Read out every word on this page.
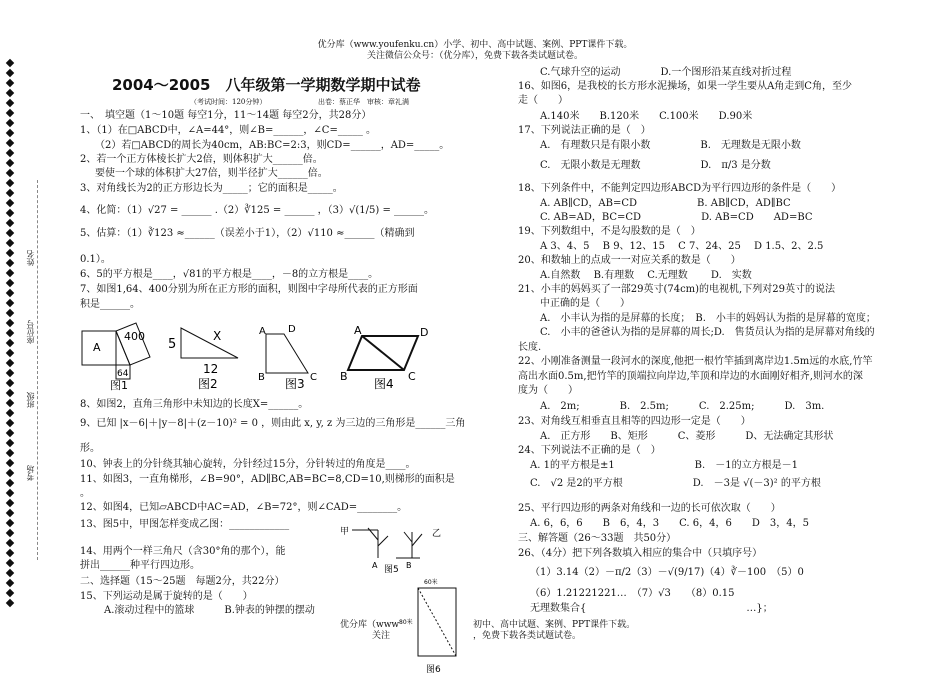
优分库（www.youfenku.cn）小学、初中、高中试题、案例、PPT课件下载。
关注微信公众号：（优分库），免费下载各类试题试卷。
姓名
座位号
班级
考场
2004～2005　八年级第一学期数学期中试卷
（考试时间：120分钟）	出卷：蔡正华　审核：章礼满
一、　填空题（1～10题 每空1分，11～14题 每空2分，共28分）
1、（1）在□ABCD中，∠A=44°，则∠B=______，∠C=_____ 。
（2）若□ABCD的周长为40cm，AB:BC=2:3，则CD=______，AD=_____。
2、若一个正方体棱长扩大2倍，则体积扩大______倍。
要使一个球的体积扩大27倍，则半径扩大______倍。
3、对角线长为2的正方形边长为_____；它的面积是_____。
4、化简：（1）√27 = ______ .（2）∛125 = ______ ，（3）√(1/5) = ______。
5、估算：（1）∛123 ≈______（误差小于1），（2）√110 ≈______（精确到
0.1）。
6、5的平方根是____，√81的平方根是____，－8的立方根是____。
7、如图1,64、400分别为所在正方形的面积，则图中字母所代表的正方形面
积是______。
A
400
64
图1
5
X
12
图2
A D
B	C
图3
A	D
B	C
图4
8、如图2，直角三角形中未知边的长度X=______。
9、已知 |x－6|＋|y－8|＋(z－10)² = 0 ，则由此 x, y, z 为三边的三角形是______三角
形。
10、钟表上的分针绕其轴心旋转，分针经过15分，分针转过的角度是____。
11、如图3，一直角梯形，∠B=90°，AD∥BC,AB=BC=8,CD=10,则梯形的面积是
。
12、如图4，已知▱ABCD中AC=AD，∠B=72°，则∠CAD=________。
13、图5中，甲图怎样变成乙图：____________
14、用两个一样三角尺（含30°角的那个），能
拼出______种平行四边形。
二、选择题（15～25题　每题2分，共22分）
15、下列运动是属于旋转的是（　　）
A.滚动过程中的篮球　　　B.钟表的钟摆的摆动
甲	乙
A	B
图5
60米
80米
图6
C.气球升空的运动　　　　D.一个图形沿某直线对折过程
16、如图6，是我校的长方形水泥操场，如果一学生要从A角走到C角，至少
走（　　）
A.140米　　B.120米　　C.100米　　D.90米
17、下列说法正确的是（　）
A.　有理数只是有限小数　　　　　B.　无理数是无限小数
C.　无限小数是无理数　　　　　　D.　π/3 是分数
18、下列条件中，不能判定四边形ABCD为平行四边形的条件是（　　）
A. AB∥CD，AB=CD　　　　　　B. AB∥CD，AD∥BC
C. AB=AD，BC=CD　　　　　　D. AB=CD　　AD=BC
19、下列数组中，不是勾股数的是（　）
A 3、4、5　 B 9、12、15　 C 7、24、25　 D 1.5、2、2.5
20、和数轴上的点成一一对应关系的数是（　　）
A.自然数　 B.有理数　 C.无理数　　 D.　实数
21、小丰的妈妈买了一部29英寸(74cm)的电视机,下列对29英寸的说法
中正确的是（　　）
A.　小丰认为指的是屏幕的长度；　B.　小丰的妈妈认为指的是屏幕的宽度；
C.　小丰的爸爸认为指的是屏幕的周长;D.　售货员认为指的是屏幕对角线的
长度.
22、小刚准备测量一段河水的深度,他把一根竹竿插到离岸边1.5m远的水底,竹竿
高出水面0.5m,把竹竿的顶端拉向岸边,竿顶和岸边的水面刚好相齐,则河水的深
度为（　　）
A.　2m;　　　　B.　2.5m;　　　C.　2.25m;　　　D.　3m.
23、对角线互相垂直且相等的四边形一定是（　　）
A.　正方形　　B、矩形　　　C、菱形　　　D、无法确定其形状
24、下列说法不正确的是（　）
A. 1的平方根是±1　　　　　　　　B.　－1的立方根是－1
C.　√2 是2的平方根　　　　　　　D.　－3是 √(－3)² 的平方根
25、平行四边形的两条对角线和一边的长可依次取（　　）
A. 6，6，6　　B　6，4，3　　C. 6，4，6　　D　3，4，5
三、解答题（26～33题　共50分）
26、（4分）把下列各数填入相应的集合中（只填序号）
（1）3.14（2）－π/2（3）－√(9/17)（4）∛－100　（5）0
（6）1.21221221…　（7）√3　　（8）0.15
无理数集合{　　　　　　　　　　　　　　　　…}；
优分库（www	初中、高中试题、案例、PPT课件下载。
关注	，免费下载各类试题试卷。
